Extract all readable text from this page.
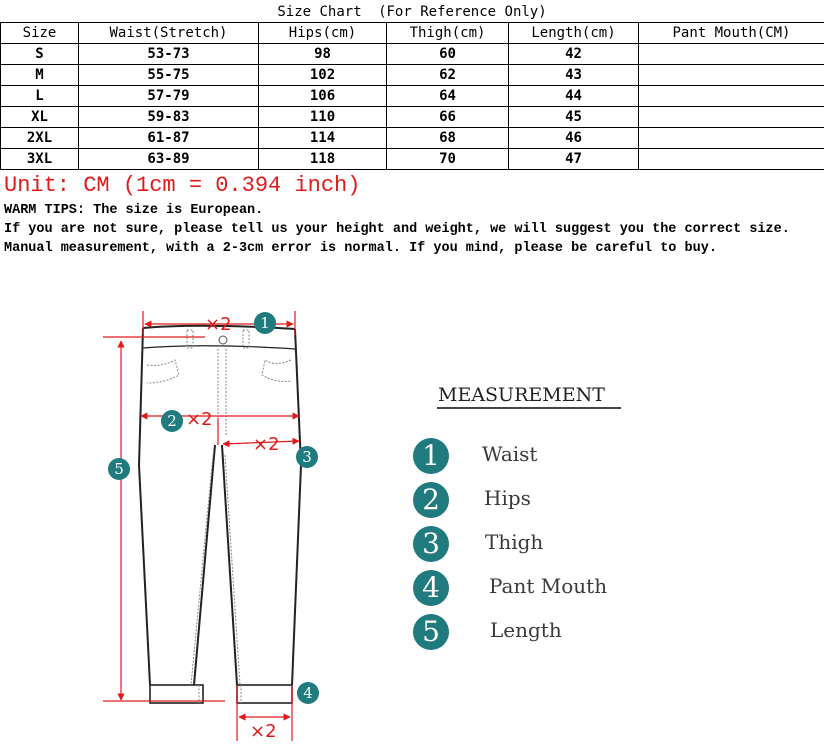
Size Chart (For Reference Only)
Size	Waist(Stretch)	Hips(cm)	Thigh(cm)	Length(cm)	Pant Mouth(CM)
S	53-73	98	60	42	
M	55-75	102	62	43	
L	57-79	106	64	44	
XL	59-83	110	66	45	
2XL	61-87	114	68	46	
3XL	63-89	118	70	47	
Unit: CM (1cm = 0.394 inch)
WARM TIPS: The size is European.
If you are not sure, please tell us your height and weight, we will suggest you the correct size.
Manual measurement, with a 2-3cm error is normal. If you mind, please be careful to buy.
×2
×2
×2
×2
1
2
3
4
5
MEASUREMENT
1	Waist
2	Hips
3	Thigh
4	Pant Mouth
5	Length
